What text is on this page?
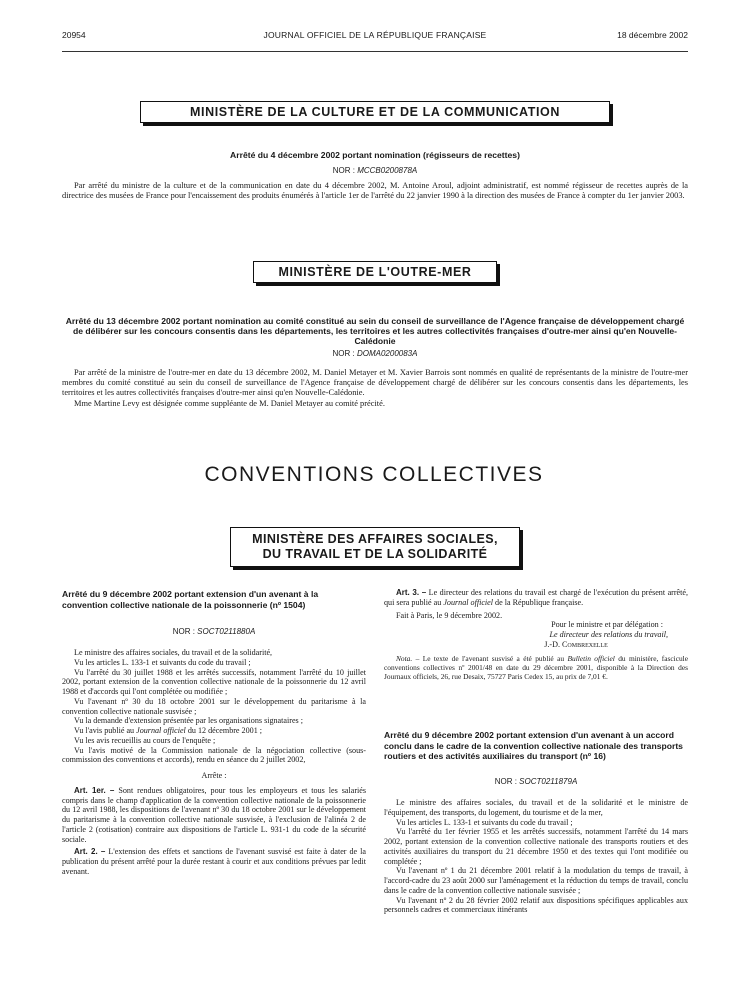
20954	JOURNAL OFFICIEL DE LA RÉPUBLIQUE FRANÇAISE	18 décembre 2002
MINISTÈRE DE LA CULTURE ET DE LA COMMUNICATION
Arrêté du 4 décembre 2002 portant nomination (régisseurs de recettes)
NOR : MCCB0200878A

Par arrêté du ministre de la culture et de la communication en date du 4 décembre 2002, M. Antoine Aroul, adjoint administratif, est nommé régisseur de recettes auprès de la directrice des musées de France pour l'encaissement des produits énumérés à l'article 1er de l'arrêté du 22 janvier 1990 à la direction des musées de France à compter du 1er janvier 2003.

MINISTÈRE DE L'OUTRE-MER
Arrêté du 13 décembre 2002 portant nomination au comité constitué au sein du conseil de surveillance de l'Agence française de développement chargé de délibérer sur les concours consentis dans les départements, les territoires et les autres collectivités françaises d'outre-mer ainsi qu'en Nouvelle-Calédonie
NOR : DOMA0200083A

Par arrêté de la ministre de l'outre-mer en date du 13 décembre 2002, M. Daniel Metayer et M. Xavier Barrois sont nommés en qualité de représentants de la ministre de l'outre-mer membres du comité constitué au sein du conseil de surveillance de l'Agence française de développement chargé de délibérer sur les concours consentis dans les départements, les territoires et les autres collectivités françaises d'outre-mer ainsi qu'en Nouvelle-Calédonie.

Mme Martine Levy est désignée comme suppléante de M. Daniel Metayer au comité précité.

CONVENTIONS COLLECTIVES
MINISTÈRE DES AFFAIRES SOCIALES,
DU TRAVAIL ET DE LA SOLIDARITÉ
Arrêté du 9 décembre 2002 portant extension d'un avenant à la convention collective nationale de la poissonnerie (nº 1504)
NOR : SOCT0211880A

Le ministre des affaires sociales, du travail et de la solidarité,

Vu les articles L. 133-1 et suivants du code du travail ;

Vu l'arrêté du 30 juillet 1988 et les arrêtés successifs, notamment l'arrêté du 10 juillet 2002, portant extension de la convention collective nationale de la poissonnerie du 12 avril 1988 et d'accords qui l'ont complétée ou modifiée ;

Vu l'avenant nº 30 du 18 octobre 2001 sur le développement du paritarisme à la convention collective nationale susvisée ;

Vu la demande d'extension présentée par les organisations signataires ;

Vu l'avis publié au Journal officiel du 12 décembre 2001 ;

Vu les avis recueillis au cours de l'enquête ;

Vu l'avis motivé de la Commission nationale de la négociation collective (sous-commission des conventions et accords), rendu en séance du 2 juillet 2002,

Arrête :

Art. 1er. – Sont rendues obligatoires, pour tous les employeurs et tous les salariés compris dans le champ d'application de la convention collective nationale de la poissonnerie du 12 avril 1988, les dispositions de l'avenant nº 30 du 18 octobre 2001 sur le développement du paritarisme à la convention collective nationale susvisée, à l'exclusion de l'alinéa 2 de l'article 2 (cotisation) contraire aux dispositions de l'article L. 931-1 du code de la sécurité sociale.

Art. 2. – L'extension des effets et sanctions de l'avenant susvisé est faite à dater de la publication du présent arrêté pour la durée restant à courir et aux conditions prévues par ledit avenant.

Art. 3. – Le directeur des relations du travail est chargé de l'exécution du présent arrêté, qui sera publié au Journal officiel de la République française.

Fait à Paris, le 9 décembre 2002.

Pour le ministre et par délégation :

Le directeur des relations du travail,

J.-D. Combrexelle

Nota. – Le texte de l'avenant susvisé a été publié au Bulletin officiel du ministère, fascicule conventions collectives nº 2001/48 en date du 29 décembre 2001, disponible à la Direction des Journaux officiels, 26, rue Desaix, 75727 Paris Cedex 15, au prix de 7,01 €.

Arrêté du 9 décembre 2002 portant extension d'un avenant à un accord conclu dans le cadre de la convention collective nationale des transports routiers et des activités auxiliaires du transport (nº 16)
NOR : SOCT0211879A

Le ministre des affaires sociales, du travail et de la solidarité et le ministre de l'équipement, des transports, du logement, du tourisme et de la mer,

Vu les articles L. 133-1 et suivants du code du travail ;

Vu l'arrêté du 1er février 1955 et les arrêtés successifs, notamment l'arrêté du 14 mars 2002, portant extension de la convention collective nationale des transports routiers et des activités auxiliaires du transport du 21 décembre 1950 et des textes qui l'ont modifiée ou complétée ;

Vu l'avenant nº 1 du 21 décembre 2001 relatif à la modulation du temps de travail, à l'accord-cadre du 23 août 2000 sur l'aménagement et la réduction du temps de travail, conclu dans le cadre de la convention collective nationale susvisée ;

Vu l'avenant nº 2 du 28 février 2002 relatif aux dispositions spécifiques applicables aux personnels cadres et commerciaux itinérants
